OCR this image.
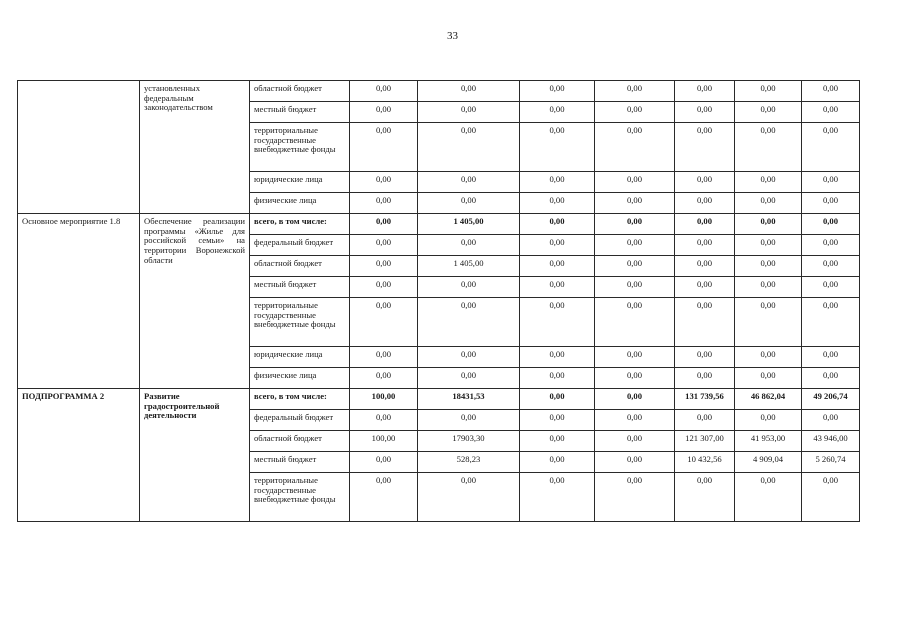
33
	установленных федеральным законодательством	областной бюджет	0,00	0,00	0,00	0,00	0,00	0,00	0,00
		местный бюджет	0,00	0,00	0,00	0,00	0,00	0,00	0,00
		территориальные государственные внебюджетные фонды	0,00	0,00	0,00	0,00	0,00	0,00	0,00
		юридические лица	0,00	0,00	0,00	0,00	0,00	0,00	0,00
		физические лица	0,00	0,00	0,00	0,00	0,00	0,00	0,00
Основное мероприятие 1.8	Обеспечение реализации программы «Жилье для российской семьи» на территории Воронежской области	всего, в том числе:	0,00	1 405,00	0,00	0,00	0,00	0,00	0,00
		федеральный бюджет	0,00	0,00	0,00	0,00	0,00	0,00	0,00
		областной бюджет	0,00	1 405,00	0,00	0,00	0,00	0,00	0,00
		местный бюджет	0,00	0,00	0,00	0,00	0,00	0,00	0,00
		территориальные государственные внебюджетные фонды	0,00	0,00	0,00	0,00	0,00	0,00	0,00
		юридические лица	0,00	0,00	0,00	0,00	0,00	0,00	0,00
		физические лица	0,00	0,00	0,00	0,00	0,00	0,00	0,00
ПОДПРОГРАММА 2	Развитие градостроительной деятельности	всего, в том числе:	100,00	18431,53	0,00	0,00	131 739,56	46 862,04	49 206,74
		федеральный бюджет	0,00	0,00	0,00	0,00	0,00	0,00	0,00
		областной бюджет	100,00	17903,30	0,00	0,00	121 307,00	41 953,00	43 946,00
		местный бюджет	0,00	528,23	0,00	0,00	10 432,56	4 909,04	5 260,74
		территориальные государственные внебюджетные фонды	0,00	0,00	0,00	0,00	0,00	0,00	0,00
